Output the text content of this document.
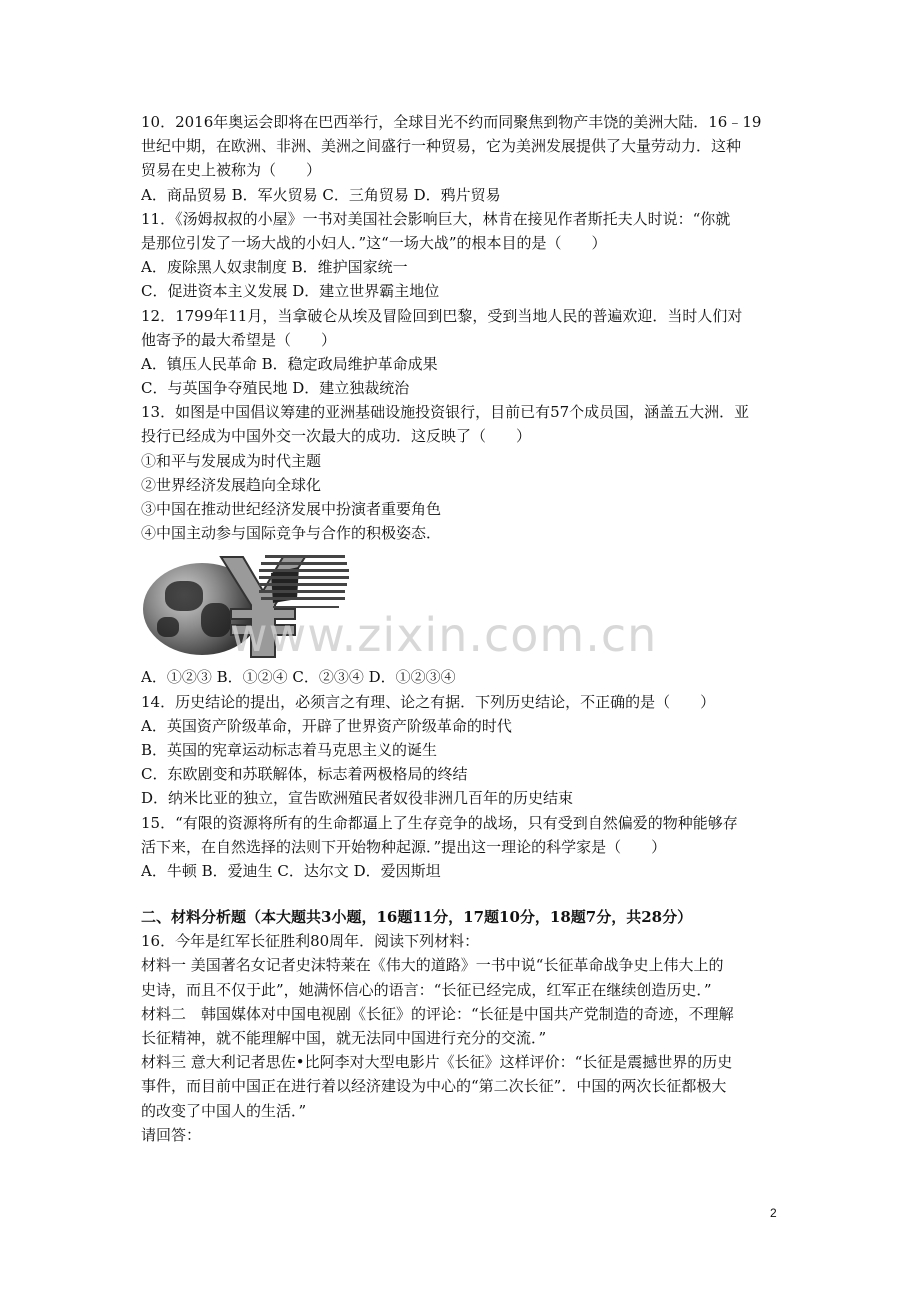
10．2016年奥运会即将在巴西举行，全球目光不约而同聚焦到物产丰饶的美洲大陆．16﹣19
世纪中期，在欧洲、非洲、美洲之间盛行一种贸易，它为美洲发展提供了大量劳动力．这种
贸易在史上被称为（　　）
A．商品贸易 B．军火贸易 C．三角贸易 D．鸦片贸易
11．《汤姆叔叔的小屋》一书对美国社会影响巨大，林肯在接见作者斯托夫人时说：“你就
是那位引发了一场大战的小妇人．”这“一场大战”的根本目的是（　　）
A．废除黑人奴隶制度 B．维护国家统一
C．促进资本主义发展 D．建立世界霸主地位
12．1799年11月，当拿破仑从埃及冒险回到巴黎，受到当地人民的普遍欢迎．当时人们对
他寄予的最大希望是（　　）
A．镇压人民革命 B．稳定政局维护革命成果
C．与英国争夺殖民地 D．建立独裁统治
13．如图是中国倡议筹建的亚洲基础设施投资银行，目前已有57个成员国，涵盖五大洲．亚
投行已经成为中国外交一次最大的成功．这反映了（　　）
①和平与发展成为时代主题
②世界经济发展趋向全球化
③中国在推动世纪经济发展中扮演者重要角色
④中国主动参与国际竞争与合作的积极姿态．
A．①②③ B．①②④ C．②③④ D．①②③④
14．历史结论的提出，必须言之有理、论之有据．下列历史结论，不正确的是（　　）
A．英国资产阶级革命，开辟了世界资产阶级革命的时代
B．英国的宪章运动标志着马克思主义的诞生
C．东欧剧变和苏联解体，标志着两极格局的终结
D．纳米比亚的独立，宣告欧洲殖民者奴役非洲几百年的历史结束
15．“有限的资源将所有的生命都逼上了生存竞争的战场，只有受到自然偏爱的物种能够存
活下来，在自然选择的法则下开始物种起源．”提出这一理论的科学家是（　　）
A．牛顿 B．爱迪生 C．达尔文 D．爱因斯坦
二、材料分析题（本大题共3小题，16题11分，17题10分，18题7分，共28分）
16．今年是红军长征胜利80周年．阅读下列材料：
材料一 美国著名女记者史沫特莱在《伟大的道路》一书中说“长征革命战争史上伟大上的
史诗，而且不仅于此”，她满怀信心的语言：“长征已经完成，红军正在继续创造历史．”
材料二　韩国媒体对中国电视剧《长征》的评论：“长征是中国共产党制造的奇迹，不理解
长征精神，就不能理解中国，就无法同中国进行充分的交流．”
材料三 意大利记者思佐•比阿李对大型电影片《长征》这样评价：“长征是震撼世界的历史
事件，而目前中国正在进行着以经济建设为中心的“第二次长征”．中国的两次长征都极大
的改变了中国人的生活．”
请回答：
www.zixin.com.cn
2
